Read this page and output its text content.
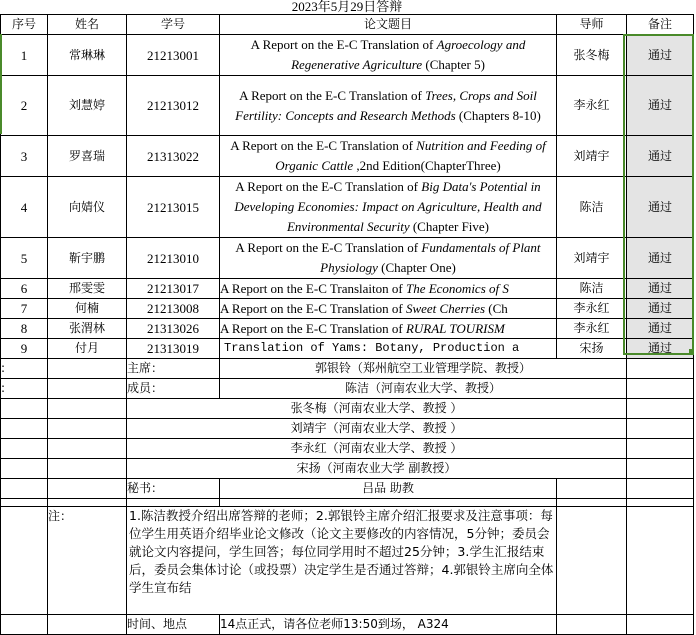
2023年5月29日答辩					
序号	姓名	学号	论文题目	导师	备注
1	常琳琳	21213001	A Report on the E-C Translation of Agroecology and Regenerative Agriculture (Chapter 5)	张冬梅	通过
2	刘慧婷	21213012	A Report on the E-C Translation of Trees, Crops and Soil Fertility: Concepts and Research Methods (Chapters 8-10)	李永红	通过
3	罗喜瑞	21313022	A Report on the E-C Translation of Nutrition and Feeding of Organic Cattle ,2nd Edition(ChapterThree)	刘靖宇	通过
4	向婧仪	21213015	A Report on the E-C Translation of Big Data's Potential in Developing Economies: Impact on Agriculture, Health and Environmental Security (Chapter Five)	陈洁	通过
5	靳宇鹏	21213010	A Report on the E-C Translation of Fundamentals of Plant Physiology (Chapter One)	刘靖宇	通过
6	邢雯雯	21213017	A Report on the E-C Translaiton of The Economics of S	陈洁	通过
7	何楠	21213008	A Report on the E-C Translation of Sweet Cherries (Ch	李永红	通过
8	张渭林	21313026	A Report on the E-C Translation of RURAL TOURISM	李永红	通过
9	付月	21313019	Translation of Yams: Botany, Production a	宋扬	通过
:		主席：	郭银铃（郑州航空工业管理学院、教授）		
:		成员：	陈洁（河南农业大学、教授）		
		张冬梅（河南农业大学、教授 ）			
		刘靖宇（河南农业大学、教授 ）			
		李永红（河南农业大学、教授 ）			
		宋扬（河南农业大学 副教授）			
		秘书：	吕品 助教		

	注：	1.陈洁教授介绍出席答辩的老师；2.郭银铃主席介绍汇报要求及注意事项：每位学生用英语介绍毕业论文修改（论文主要修改的内容情况，5分钟；委员会就论文内容提问，学生回答；每位同学用时不超过25分钟；3.学生汇报结束后，委员会集体讨论（或投票）决定学生是否通过答辩；4.郭银铃主席向全体学生宣布结			
		时间、地点	14点正式，请各位老师13:50到场， A324		
